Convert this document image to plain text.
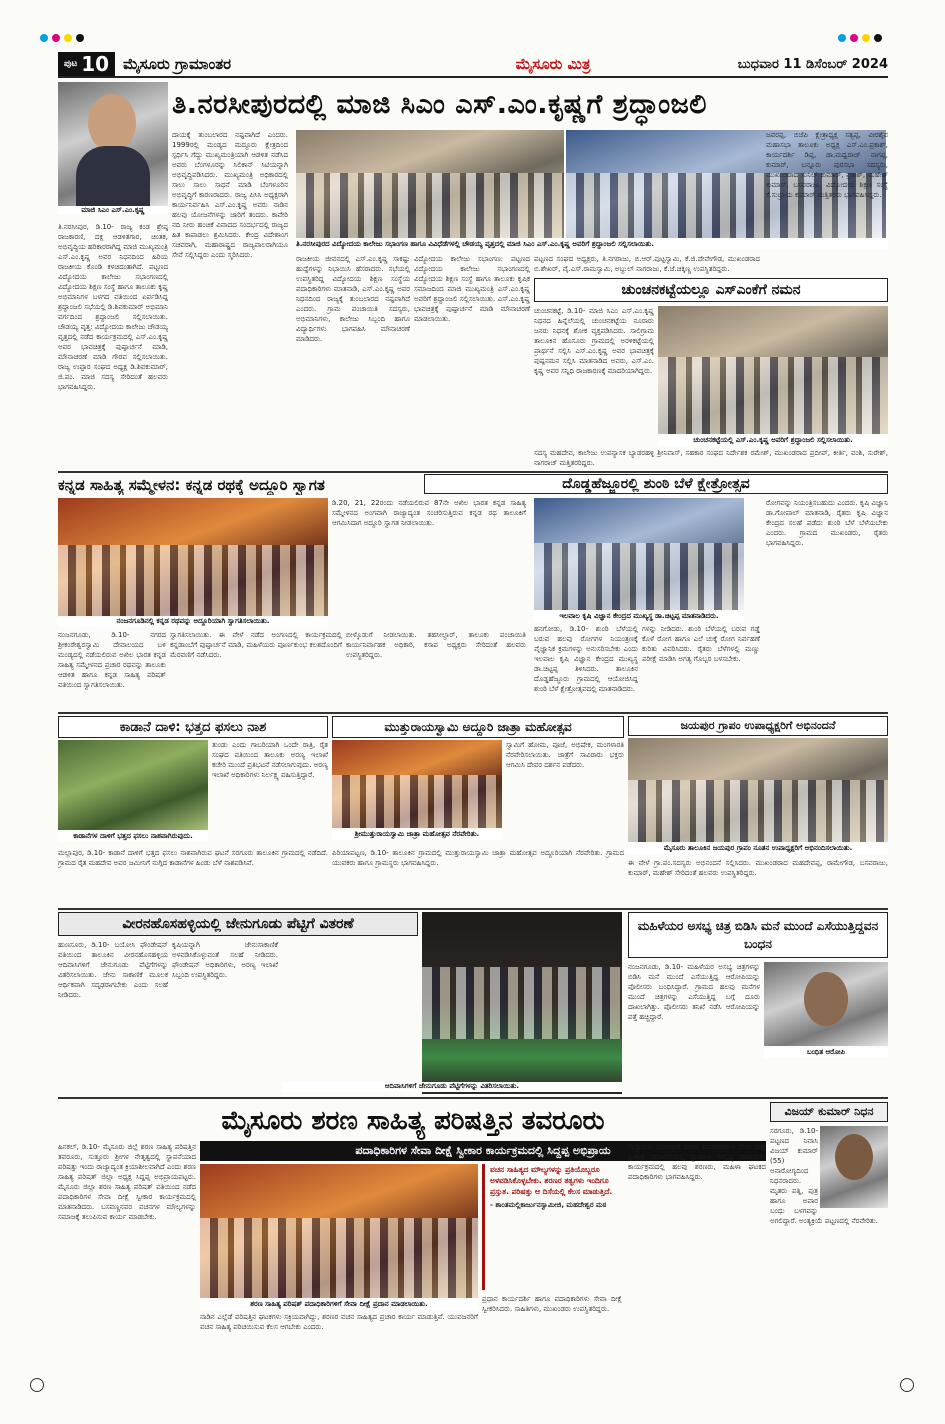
ಪುಟ 10 ಮೈಸೂರು ಗ್ರಾಮಾಂತರ	ಮೈಸೂರು ಮಿತ್ರ	ಬುಧವಾರ 11 ಡಿಸೆಂಬರ್ 2024
ಮಾಜಿ ಸಿಎಂ ಎಸ್.ಎಂ.ಕೃಷ್ಣ
ತಿ.ನರಸೀಪುರದಲ್ಲಿ ಮಾಜಿ ಸಿಎಂ ಎಸ್.ಎಂ.ಕೃಷ್ಣಗೆ ಶ್ರದ್ಧಾಂಜಲಿ
ತಿ.ನರಸೀಪುರ, ಡಿ.10- ರಾಜ್ಯ ಕಂಡ ಶ್ರೇಷ್ಠ ರಾಜಕಾರಣಿ, ದಕ್ಷ ಆಡಳಿತಗಾರ, ಚಿಂತಕ, ಅಭಿವೃದ್ಧಿಯ ಹರಿಕಾರರಾಗಿದ್ದ ಮಾಜಿ ಮುಖ್ಯಮಂತ್ರಿ ಎಸ್.ಎಂ.ಕೃಷ್ಣ ಅವರ ನಿಧನದಿಂದ ಹಿರಿಯ ರಾಜಕೀಯ ಕೊಂಡಿ ಕಳಚಿದಂತಾಗಿದೆ. ಪಟ್ಟಣದ ವಿದ್ಯೋದಯ ಕಾಲೇಜು ಸಭಾಂಗಣದಲ್ಲಿ ವಿದ್ಯೋದಯ ಶಿಕ್ಷಣ ಸಂಸ್ಥೆ ಹಾಗೂ ತಾಲೂಕು ಕೃಷ್ಣ ಅಭಿಮಾನಿಗಳ ಬಳಗದ ವತಿಯಿಂದ ಏರ್ಪಡಿಸಿದ್ದ ಶ್ರದ್ಧಾಂಜಲಿ ಸಭೆಯಲ್ಲಿ ಡಿ.ಶಿವಕುಮಾರ್ ಅಭಿಮಾನಿ ವರ್ಗದಿಂದ ಶ್ರದ್ಧಾಂಜಲಿ ಸಲ್ಲಿಸಲಾಯಿತು. ಚೌಡಯ್ಯ ವೃತ್ತ: ವಿದ್ಯೋದಯ ಕಾಲೇಜು ಚೌಡಯ್ಯ ವೃತ್ತದಲ್ಲಿ ನಡೆದ ಕಾರ್ಯಕ್ರಮದಲ್ಲಿ ಎಸ್.ಎಂ.ಕೃಷ್ಣ ಅವರ ಭಾವಚಿತ್ರಕ್ಕೆ ಪುಷ್ಪಾರ್ಚನೆ ಮಾಡಿ, ಮೌನಾಚರಣೆ ಮಾಡಿ ಗೌರವ ಸಲ್ಲಿಸಲಾಯಿತು. ರಾಜ್ಯ ಉಪ್ಪಾರ ಸಂಘದ ಅಧ್ಯಕ್ಷ ಡಿ.ಶಿವಕುಮಾರ್, ಜಿ.ಪಂ. ಮಾಜಿ ಸದಸ್ಯ ಸೇರಿದಂತೆ ಹಲವರು ಭಾಗವಹಿಸಿದ್ದರು.
ದಾಯಕ್ಕೆ ತುಂಬಲಾರದ ನಷ್ಟವಾಗಿದೆ ಎಂದರು. 1999ರಲ್ಲಿ ಮಂಡ್ಯದ ಮದ್ದೂರು ಕ್ಷೇತ್ರದಿಂದ ಸ್ಪರ್ಧಿಸಿ ಗೆದ್ದು ಮುಖ್ಯಮಂತ್ರಿಯಾಗಿ ಆಡಳಿತ ನಡೆಸಿದ ಅವರು ಬೆಂಗಳೂರನ್ನು ಸಿಲಿಕಾನ್ ಸಿಟಿಯನ್ನಾಗಿ ಅಭಿವೃದ್ಧಿಪಡಿಸಿದರು. ಮುಖ್ಯಮಂತ್ರಿ ಅಧಿಕಾರದಲ್ಲಿ ಸಾಲು ಸಾಲು ಸಾಧನೆ ಮಾಡಿ ಬೆಂಗಳೂರಿನ ಅಭಿವೃದ್ಧಿಗೆ ಕಾರಣರಾದರು. ರಾಜ್ಯ ಪಿಸಿಸಿ ಅಧ್ಯಕ್ಷರಾಗಿ ಕಾರ್ಯನಿರ್ವಹಿಸಿ ಎಸ್.ಎಂ.ಕೃಷ್ಣ ಅವರು ನಾಡಿನ ಹಲವು ಯೋಜನೆಗಳನ್ನು ಜಾರಿಗೆ ತಂದರು. ಕಾವೇರಿ ನದಿ ನೀರು ಹಂಚಿಕೆ ವಿವಾದದ ಸಂದರ್ಭದಲ್ಲಿ ರಾಜ್ಯದ ಹಿತ ಕಾಪಾಡಲು ಶ್ರಮಿಸಿದರು. ಕೇಂದ್ರ ವಿದೇಶಾಂಗ ಸಚಿವರಾಗಿ, ಮಹಾರಾಷ್ಟ್ರದ ರಾಜ್ಯಪಾಲರಾಗಿಯೂ ಸೇವೆ ಸಲ್ಲಿಸಿದ್ದರು ಎಂದು ಸ್ಮರಿಸಿದರು.
ತಿ.ನರಸೀಪುರದ ವಿದ್ಯೋದಯ ಕಾಲೇಜು ಸಭಾಂಗಣ ಹಾಗೂ ವಿವಿಧೆಡೆಗಳಲ್ಲಿ ಚೌಡಯ್ಯ ವೃತ್ತದಲ್ಲಿ ಮಾಜಿ ಸಿಎಂ ಎಸ್.ಎಂ.ಕೃಷ್ಣ ಅವರಿಗೆ ಶ್ರದ್ಧಾಂಜಲಿ ಸಲ್ಲಿಸಲಾಯಿತು.
ರಾಜಕೀಯ ಜೀವನದಲ್ಲಿ ಎಸ್.ಎಂ.ಕೃಷ್ಣ ಸಾಕಷ್ಟು ಹುದ್ದೆಗಳನ್ನು ನಿಭಾಯಿಸಿ ಹೆಸರಾದರು. ಸಭೆಯಲ್ಲಿ ಉಪಸ್ಥಿತರಿದ್ದ ವಿದ್ಯೋದಯ ಶಿಕ್ಷಣ ಸಂಸ್ಥೆಯ ಪದಾಧಿಕಾರಿಗಳು ಮಾತನಾಡಿ, ಎಸ್.ಎಂ.ಕೃಷ್ಣ ಅವರ ನಿಧನದಿಂದ ರಾಜ್ಯಕ್ಕೆ ತುಂಬಲಾರದ ನಷ್ಟವಾಗಿದೆ ಎಂದರು. ಗ್ರಾಮ ಪಂಚಾಯಿತಿ ಸದಸ್ಯರು, ಅಭಿಮಾನಿಗಳು, ಕಾಲೇಜು ಸಿಬ್ಬಂದಿ ಹಾಗೂ ವಿದ್ಯಾರ್ಥಿಗಳು ಭಾಗವಹಿಸಿ ಮೌನಾಚರಣೆ ಮಾಡಿದರು.
ವಿದ್ಯೋದಯ ಕಾಲೇಜು ಸಭಾಂಗಣ: ಪಟ್ಟಣದ ವಿದ್ಯೋದಯ ಕಾಲೇಜು ಸಭಾಂಗಣದಲ್ಲಿ ವಿದ್ಯೋದಯ ಶಿಕ್ಷಣ ಸಂಸ್ಥೆ ಹಾಗೂ ತಾಲೂಕು ಕೃಷಿಕ ಸಮಾಜದಿಂದ ಮಾಜಿ ಮುಖ್ಯಮಂತ್ರಿ ಎಸ್.ಎಂ.ಕೃಷ್ಣ ಅವರಿಗೆ ಶ್ರದ್ಧಾಂಜಲಿ ಸಲ್ಲಿಸಲಾಯಿತು. ಎಸ್.ಎಂ.ಕೃಷ್ಣ ಭಾವಚಿತ್ರಕ್ಕೆ ಪುಷ್ಪಾರ್ಚನೆ ಮಾಡಿ ಮೌನಾಚರಣೆ ಮಾಡಲಾಯಿತು.
ಪಟ್ಟಣದ ಸಂಘದ ಅಧ್ಯಕ್ಷರು, ತಿ.ನಗರಾಜು, ಬಿ.ಆರ್.ಪುಟ್ಟಸ್ವಾಮಿ, ಕೆ.ಜಿ.ದೇವೇಗೌಡ, ಮುಖಂಡರಾದ ಬಿ.ಶೇಖರ್, ವೈ.ಎಸ್.ರಾಮಸ್ವಾಮಿ, ಅಬ್ದುಲ್ ನಾಗರಾಜು, ಕೆ.ಜೆ.ಚಿಕ್ಕಣ್ಣ ಉಪಸ್ಥಿತರಿದ್ದರು.
ಜವರಪ್ಪ, ಬಿಜೆಪಿ ಕ್ಷೇತ್ರಾಧ್ಯಕ್ಷ ಸತ್ಯಪ್ಪ, ವೀರಶೈವ ಮಹಾಸಭಾ ತಾಲೂಕು ಅಧ್ಯಕ್ಷ ಎಸ್.ಎಂ.ಪ್ರಕಾಶ್, ಕಾರ್ಯದರ್ಶಿ ಡಿಪ್ಪ, ಡಾ.ಮಧ್ವರಾಜ್ ನಾಗಪ್ಪ, ಕುಮಾರ್, ಬನ್ನೂರು ಪುರಸಭಾ ಸದಸ್ಯರು, ಮುಖಂಡರಾದ ಸುನಿಲ್ ಕುಮಾರ್, ಪ್ರಕಾಶ್, ಮಹೇಶ್ ಕುಮಾರ್, ಬಸವರಾಜು, ವಿದ್ಯೋದಯ ಶಿಕ್ಷಣ ಸಂಸ್ಥೆ ಕೆ.ಸುಬ್ರಾಯ ಕುಮಾರ್ ಮತ್ತಿತರರು ಭಾಗವಹಿಸಿದ್ದರು.
ಚುಂಚನಕಟ್ಟೆಯಲ್ಲೂ ಎಸ್‌ಎಂಕೆಗೆ ನಮನ
ಚುಂಚನಕಟ್ಟೆ, ಡಿ.10- ಮಾಜಿ ಸಿಎಂ ಎಸ್.ಎಂ.ಕೃಷ್ಣ ನಿಧನದ ಹಿನ್ನೆಲೆಯಲ್ಲಿ ಚುಂಚನಕಟ್ಟೆಯ ನೂರಾರು ಜನರು ನಿಧನಕ್ಕೆ ಶೋಕ ವ್ಯಕ್ತಪಡಿಸಿದರು. ಸಾಲಿಗ್ರಾಮ ತಾಲೂಕಿನ ಹೊಸೂರು ಗ್ರಾಮದಲ್ಲಿ ಅರಳಿಕಟ್ಟೆಯಲ್ಲಿ ಪ್ರಾರ್ಥನೆ ಸಲ್ಲಿಸಿ ಎಸ್.ಎಂ.ಕೃಷ್ಣ ಅವರ ಭಾವಚಿತ್ರಕ್ಕೆ ಪುಷ್ಪನಮನ ಸಲ್ಲಿಸಿ ಮಾತನಾಡಿದ ಅವರು, ಎಸ್.ಎಂ. ಕೃಷ್ಣ ಅವರ ಸನ್ನಿಧಿ ರಾಜಕಾರಣಕ್ಕೆ ಮಾದರಿಯಾಗಿದ್ದರು.
ಚುಂಚನಕಟ್ಟೆಯಲ್ಲಿ ಎಸ್.ಎಂ.ಕೃಷ್ಣ ಅವರಿಗೆ ಶ್ರದ್ಧಾಂಜಲಿ ಸಲ್ಲಿಸಲಾಯಿತು.
ಸದಸ್ಯ ಮಹದೇವ, ಕಾಲೇಜು ಉಪನ್ಯಾಸಕ ಬ್ಯಾಡರಹಳ್ಳಿ ಶ್ರೀನಿವಾಸ್, ಸಹಕಾರ ಸಂಘದ ನಿರ್ದೇಶಕ ರಮೇಶ್, ಮುಖಂಡರಾದ ಪ್ರದೀಪ್, ಕೀರ್ತಿ, ವಂಶಿ, ಸುರೇಶ್, ನಾಗರಾಜ್ ಮತ್ತಿತರರಿದ್ದರು.
ಕನ್ನಡ ಸಾಹಿತ್ಯ ಸಮ್ಮೇಳನ: ಕನ್ನಡ ರಥಕ್ಕೆ ಅದ್ದೂರಿ ಸ್ವಾಗತ
ನಂಜನಗೂಡಿನಲ್ಲಿ ಕನ್ನಡ ರಥವನ್ನು ಅದ್ದೂರಿಯಾಗಿ ಸ್ವಾಗತಿಸಲಾಯಿತು.
ಡಿ.20, 21, 22ರಂದು ನಡೆಯಲಿರುವ 87ನೇ ಅಖಿಲ ಭಾರತ ಕನ್ನಡ ಸಾಹಿತ್ಯ ಸಮ್ಮೇಳನದ ಅಂಗವಾಗಿ ರಾಜ್ಯಾದ್ಯಂತ ಸಂಚರಿಸುತ್ತಿರುವ ಕನ್ನಡ ರಥ ತಾಲೂಕಿಗೆ ಆಗಮಿಸಿದಾಗ ಅದ್ದೂರಿ ಸ್ವಾಗತ ನೀಡಲಾಯಿತು.
ನಂಜನಗೂಡು, ಡಿ.10- ನಗರದ ಶ್ರೀಕಂಠೇಶ್ವರಸ್ವಾಮಿ ದೇವಾಲಯದ ಬಳಿ ಮಂಡ್ಯದಲ್ಲಿ ನಡೆಯಲಿರುವ ಅಖಿಲ ಭಾರತ ಕನ್ನಡ ಸಾಹಿತ್ಯ ಸಮ್ಮೇಳನದ ಪ್ರಚಾರ ರಥವನ್ನು ತಾಲೂಕು ಆಡಳಿತ ಹಾಗೂ ಕನ್ನಡ ಸಾಹಿತ್ಯ ಪರಿಷತ್ ವತಿಯಿಂದ ಸ್ವಾಗತಿಸಲಾಯಿತು.
ಸ್ವಾಗತಿಸಲಾಯಿತು. ಈ ವೇಳೆ ನಡೆದ ಅಂಗಣದಲ್ಲಿ ಕಾರ್ಯಕ್ರಮದಲ್ಲಿ ಕನ್ನಡಾಂಬೆಗೆ ಪುಷ್ಪಾರ್ಚನೆ ಮಾಡಿ, ಮಹಿಳೆಯರು ಪೂರ್ಣಕುಂಭ ಕಲಶದೊಂದಿಗೆ ಮೆರವಣಿಗೆ ನಡೆಸಿದರು.
ಬೀಳ್ಕೊಡುಗೆ ನೀಡಲಾಯಿತು. ತಹಸೀಲ್ದಾರ್, ತಾಲೂಕು ಪಂಚಾಯಿತಿ ಕಾರ್ಯನಿರ್ವಾಹಕ ಅಧಿಕಾರಿ, ಕಸಾಪ ಅಧ್ಯಕ್ಷರು ಸೇರಿದಂತೆ ಹಲವರು ಉಪಸ್ಥಿತರಿದ್ದರು.
ದೊಡ್ಡಹೆಜ್ಜೂರಲ್ಲಿ ಶುಂಠಿ ಬೆಳೆ ಕ್ಷೇತ್ರೋತ್ಸವ
ಇಲವಾಲ ಕೃಷಿ ವಿಜ್ಞಾನ ಕೇಂದ್ರದ ಮುಖ್ಯಸ್ಥ ಡಾ.ಚಿಟ್ಟಪ್ಪ ಮಾತನಾಡಿದರು.
ಹನಗೋಡು, ಡಿ.10- ಶುಂಠಿ ಬೆಳೆಯಲ್ಲಿ ಬರುವ ಹಲವು ರೋಗಗಳ ನಿಯಂತ್ರಣಕ್ಕೆ ವೈಜ್ಞಾನಿಕ ಕ್ರಮಗಳನ್ನು ಅನುಸರಿಸಬೇಕು ಎಂದು ಇಲವಾಲ ಕೃಷಿ ವಿಜ್ಞಾನ ಕೇಂದ್ರದ ಮುಖ್ಯಸ್ಥ ಡಾ.ಚಿಟ್ಟಪ್ಪ ತಿಳಿಸಿದರು. ತಾಲೂಕಿನ ದೊಡ್ಡಹೆಜ್ಜೂರು ಗ್ರಾಮದಲ್ಲಿ ಆಯೋಜಿಸಿದ್ದ ಶುಂಠಿ ಬೆಳೆ ಕ್ಷೇತ್ರೋತ್ಸವದಲ್ಲಿ ಮಾತನಾಡಿದರು.
ಗಳನ್ನು ನೀಡಿದರು. ಶುಂಠಿ ಬೆಳೆಯಲ್ಲಿ ಬರುವ ಗಡ್ಡೆ ಕೊಳೆ ರೋಗ ಹಾಗೂ ಎಲೆ ಚುಕ್ಕೆ ರೋಗ ನಿರ್ವಹಣೆ ಕುರಿತು ವಿವರಿಸಿದರು. ರೈತರು ಬೆಳೆಗಳಲ್ಲಿ ಮಣ್ಣು ಪರೀಕ್ಷೆ ಮಾಡಿಸಿ ಅಗತ್ಯ ಗೊಬ್ಬರ ಬಳಸಬೇಕು.
ರೋಗವನ್ನು ನಿಯಂತ್ರಿಸಬಹುದು ಎಂದರು. ಕೃಷಿ ವಿಜ್ಞಾನಿ ಡಾ.ಗೋಪಾಲ್ ಮಾತನಾಡಿ, ರೈತರು ಕೃಷಿ ವಿಜ್ಞಾನ ಕೇಂದ್ರದ ಸಲಹೆ ಪಡೆದು ಶುಂಠಿ ಬೆಳೆ ಬೆಳೆಯಬೇಕು ಎಂದರು. ಗ್ರಾಮದ ಮುಖಂಡರು, ರೈತರು ಭಾಗವಹಿಸಿದ್ದರು.
ಕಾಡಾನೆ ದಾಳಿ: ಭತ್ತದ ಫಸಲು ನಾಶ
ಕಾಡಾನೆಗಳ ದಾಳಿಗೆ ಭತ್ತದ ಫಸಲು ನಾಶವಾಗಿರುವುದು.
ತುಂಡು ಎಂದು ಗಾಬರಿಯಾಗಿ ಒಂದೇ ರಾತ್ರಿ, ರೈತ ಸಂಘದ ವತಿಯಿಂದ ತಾಲೂಕು ಅರಣ್ಯ ಇಲಾಖೆ ಕಚೇರಿ ಮುಂದೆ ಪ್ರತಿಭಟನೆ ನಡೆಸಲಾಗುವುದು. ಅರಣ್ಯ ಇಲಾಖೆ ಅಧಿಕಾರಿಗಳು ನಿರ್ಲಕ್ಷ್ಯ ವಹಿಸುತ್ತಿದ್ದಾರೆ.
ಮಲ್ಲಾಪುರ, ಡಿ.10- ಕಾಡಾನೆ ದಾಳಿಗೆ ಭತ್ತದ ಫಸಲು ನಾಶವಾಗಿರುವ ಘಟನೆ ಸರಗೂರು ತಾಲೂಕಿನ ಗ್ರಾಮದಲ್ಲಿ ನಡೆದಿದೆ. ಗ್ರಾಮದ ರೈತ ಮಹದೇವ ಅವರ ಜಮೀನಿಗೆ ನುಗ್ಗಿದ ಕಾಡಾನೆಗಳ ಹಿಂಡು ಬೆಳೆ ನಾಶಪಡಿಸಿವೆ.
ಮುತ್ತುರಾಯಸ್ವಾಮಿ ಅದ್ದೂರಿ ಜಾತ್ರಾ ಮಹೋತ್ಸವ
ಶ್ರೀಮುತ್ತುರಾಯಸ್ವಾಮಿ ಜಾತ್ರಾ ಮಹೋತ್ಸವ ನೆರವೇರಿತು.
ಸ್ವಾಮಿಗೆ ಹೋಮ, ಪೂಜೆ, ಅಭಿಷೇಕ, ಮಂಗಳಾರತಿ ನೆರವೇರಿಸಲಾಯಿತು. ಜಾತ್ರೆಗೆ ಸಾವಿರಾರು ಭಕ್ತರು ಆಗಮಿಸಿ ದೇವರ ದರ್ಶನ ಪಡೆದರು.
ಪಿರಿಯಾಪಟ್ಟಣ, ಡಿ.10- ತಾಲೂಕಿನ ಗ್ರಾಮದಲ್ಲಿ ಮುತ್ತುರಾಯಸ್ವಾಮಿ ಜಾತ್ರಾ ಮಹೋತ್ಸವ ಅದ್ದೂರಿಯಾಗಿ ನೆರವೇರಿತು. ಗ್ರಾಮದ ಯುವಕರು ಹಾಗೂ ಗ್ರಾಮಸ್ಥರು ಭಾಗವಹಿಸಿದ್ದರು.
ಜಯಪುರ ಗ್ರಾಪಂ ಉಪಾಧ್ಯಕ್ಷರಿಗೆ ಅಭಿನಂದನೆ
ಮೈಸೂರು ತಾಲೂಕಿನ ಜಯಪುರ ಗ್ರಾಪಂ ನೂತನ ಉಪಾಧ್ಯಕ್ಷರಿಗೆ ಅಭಿನಂದಿಸಲಾಯಿತು.
ಈ ವೇಳೆ ಗ್ರಾ.ಪಂ.ಸದಸ್ಯರು ಅಭಿನಂದನೆ ಸಲ್ಲಿಸಿದರು. ಮುಖಂಡರಾದ ಮಹದೇವಪ್ಪ, ರಾಮೇಗೌಡ, ಬಸವರಾಜು, ಕುಮಾರ್, ಮಹೇಶ್ ಸೇರಿದಂತೆ ಹಲವರು ಉಪಸ್ಥಿತರಿದ್ದರು.
ವೀರನಹೊಸಹಳ್ಳಿಯಲ್ಲಿ ಜೇನುಗೂಡು ಪೆಟ್ಟಿಗೆ ವಿತರಣೆ
ಹುಣಸೂರು, ಡಿ.10- ಬಯೋಸಿ ಫೌಂಡೇಷನ್ ವತಿಯಿಂದ ತಾಲೂಕಿನ ವೀರನಹೊಸಹಳ್ಳಿಯ ಆದಿವಾಸಿಗಳಿಗೆ ಜೇನುಗೂಡು ಪೆಟ್ಟಿಗೆಗಳನ್ನು ವಿತರಿಸಲಾಯಿತು. ಜೇನು ಸಾಕಾಣಿಕೆ ಮೂಲಕ ಆರ್ಥಿಕವಾಗಿ ಸದೃಢರಾಗಬೇಕು ಎಂದು ಸಲಹೆ ನೀಡಿದರು.
ಕೃಷಿಯನ್ನಾಗಿ ಜೇನುಸಾಕಾಣಿಕೆ ಅಳವಡಿಸಿಕೊಳ್ಳುವಂತೆ ಸಲಹೆ ನೀಡಿದರು. ಫೌಂಡೇಷನ್ ಅಧಿಕಾರಿಗಳು, ಅರಣ್ಯ ಇಲಾಖೆ ಸಿಬ್ಬಂದಿ ಉಪಸ್ಥಿತರಿದ್ದರು.
ಆದಿವಾಸಿಗಳಿಗೆ ಜೇನುಗೂಡು ಪೆಟ್ಟಿಗೆಗಳನ್ನು ವಿತರಿಸಲಾಯಿತು.
ಮಹಿಳೆಯರ ಅಸಭ್ಯ ಚಿತ್ರ ಬಿಡಿಸಿ ಮನೆ ಮುಂದೆ ಎಸೆಯುತ್ತಿದ್ದವನ ಬಂಧನ
ಬಂಧಿತ ಆರೋಪಿ
ನಂಜನಗೂಡು, ಡಿ.10- ಮಹಿಳೆಯರ ಅಸಭ್ಯ ಚಿತ್ರಗಳನ್ನು ಬಿಡಿಸಿ ಮನೆ ಮುಂದೆ ಎಸೆಯುತ್ತಿದ್ದ ಆರೋಪಿಯನ್ನು ಪೊಲೀಸರು ಬಂಧಿಸಿದ್ದಾರೆ. ಗ್ರಾಮದ ಹಲವು ಮನೆಗಳ ಮುಂದೆ ಚಿತ್ರಗಳನ್ನು ಎಸೆಯುತ್ತಿದ್ದ ಬಗ್ಗೆ ದೂರು ದಾಖಲಾಗಿತ್ತು. ಪೊಲೀಸರು ತನಿಖೆ ನಡೆಸಿ ಆರೋಪಿಯನ್ನು ಪತ್ತೆ ಹಚ್ಚಿದ್ದಾರೆ.
ಮೈಸೂರು ಶರಣ ಸಾಹಿತ್ಯ ಪರಿಷತ್ತಿನ ತವರೂರು
ಪದಾಧಿಕಾರಿಗಳ ಸೇವಾ ದೀಕ್ಷೆ ಸ್ವೀಕಾರ ಕಾರ್ಯಕ್ರಮದಲ್ಲಿ ಸಿದ್ದಪ್ಪ ಅಭಿಪ್ರಾಯ
ಹಿನಕಲ್, ಡಿ.10- ಮೈಸೂರು ಜಿಲ್ಲೆ ಶರಣ ಸಾಹಿತ್ಯ ಪರಿಷತ್ತಿನ ತವರೂರು, ಸುತ್ತೂರು ಶ್ರೀಗಳ ನೇತೃತ್ವದಲ್ಲಿ ಸ್ಥಾಪನೆಯಾದ ಪರಿಷತ್ತು ಇಂದು ರಾಜ್ಯಾದ್ಯಂತ ಕ್ರಿಯಾಶೀಲವಾಗಿದೆ ಎಂದು ಶರಣ ಸಾಹಿತ್ಯ ಪರಿಷತ್ ಜಿಲ್ಲಾ ಅಧ್ಯಕ್ಷ ಸಿದ್ದಪ್ಪ ಅಭಿಪ್ರಾಯಪಟ್ಟರು. ಮೈಸೂರು ಜಿಲ್ಲಾ ಶರಣ ಸಾಹಿತ್ಯ ಪರಿಷತ್ ವತಿಯಿಂದ ನಡೆದ ಪದಾಧಿಕಾರಿಗಳ ಸೇವಾ ದೀಕ್ಷೆ ಸ್ವೀಕಾರ ಕಾರ್ಯಕ್ರಮದಲ್ಲಿ ಮಾತನಾಡಿದರು. ಬಸವಣ್ಣನವರ ವಚನಗಳ ಮೌಲ್ಯಗಳನ್ನು ಸಮಾಜಕ್ಕೆ ತಲುಪಿಸುವ ಕಾರ್ಯ ಮಾಡಬೇಕು.
ಶರಣ ಸಾಹಿತ್ಯ ಪರಿಷತ್ ಪದಾಧಿಕಾರಿಗಳಿಗೆ ಸೇವಾ ದೀಕ್ಷೆ ಪ್ರದಾನ ಮಾಡಲಾಯಿತು.
ನಾಡಿನ ಎಲ್ಲೆಡೆ ಪರಿಷತ್ತಿನ ಘಟಕಗಳು ಸಕ್ರಿಯವಾಗಿದ್ದು, ಶರಣರ ವಚನ ಸಾಹಿತ್ಯದ ಪ್ರಚಾರ ಕಾರ್ಯ ಮಾಡುತ್ತಿವೆ. ಯುವಜನರಿಗೆ ವಚನ ಸಾಹಿತ್ಯ ಪರಿಚಯಿಸುವ ಕೆಲಸ ಆಗಬೇಕು ಎಂದರು.
ವಚನ ಸಾಹಿತ್ಯದ ಮೌಲ್ಯಗಳನ್ನು ಪ್ರತಿಯೊಬ್ಬರೂ ಅಳವಡಿಸಿಕೊಳ್ಳಬೇಕು. ಶರಣರ ತತ್ವಗಳು ಇಂದಿಗೂ ಪ್ರಸ್ತುತ. ಪರಿಷತ್ತು ಆ ದಿಸೆಯಲ್ಲಿ ಕೆಲಸ ಮಾಡುತ್ತಿದೆ.
- ಶಾಂತಮಲ್ಲಿಕಾರ್ಜುನಸ್ವಾಮೀಜಿ, ಮಹದೇಶ್ವರ ಮಠ
ಪ್ರಧಾನ ಕಾರ್ಯದರ್ಶಿ ಹಾಗೂ ಪದಾಧಿಕಾರಿಗಳು ಸೇವಾ ದೀಕ್ಷೆ ಸ್ವೀಕರಿಸಿದರು. ಸಾಹಿತಿಗಳು, ಮುಖಂಡರು ಉಪಸ್ಥಿತರಿದ್ದರು.
ಸಂಸ್ಥಾಪನಾ ದಿನಾಚರಣೆ ಹಾಗೂ ಪದಾಧಿಕಾರಿಗಳ ಸೇವಾ ದೀಕ್ಷೆ ಸ್ವೀಕಾರ ಸಮಾರಂಭದಲ್ಲಿ ಸ್ವಾಮೀಜಿ ಸಾನ್ನಿಧ್ಯ ವಹಿಸಿದ್ದರು. ಕಾರ್ಯಕ್ರಮದಲ್ಲಿ ಹಲವು ಶರಣರು, ಮಹಿಳಾ ಘಟಕದ ಪದಾಧಿಕಾರಿಗಳು ಭಾಗವಹಿಸಿದ್ದರು.
ವಿಜಯ್ ಕುಮಾರ್ ನಿಧನ
ಸರಗೂರು, ಡಿ.10- ಪಟ್ಟಣದ ನಿವಾಸಿ ವಿಜಯ್ ಕುಮಾರ್ (55) ಅನಾರೋಗ್ಯದಿಂದ ನಿಧನರಾದರು. ಮೃತರು ಪತ್ನಿ, ಪುತ್ರ ಹಾಗೂ ಅಪಾರ ಬಂಧು ಬಳಗವನ್ನು ಅಗಲಿದ್ದಾರೆ. ಅಂತ್ಯಕ್ರಿಯೆ ಪಟ್ಟಣದಲ್ಲಿ ನೆರವೇರಿತು.
